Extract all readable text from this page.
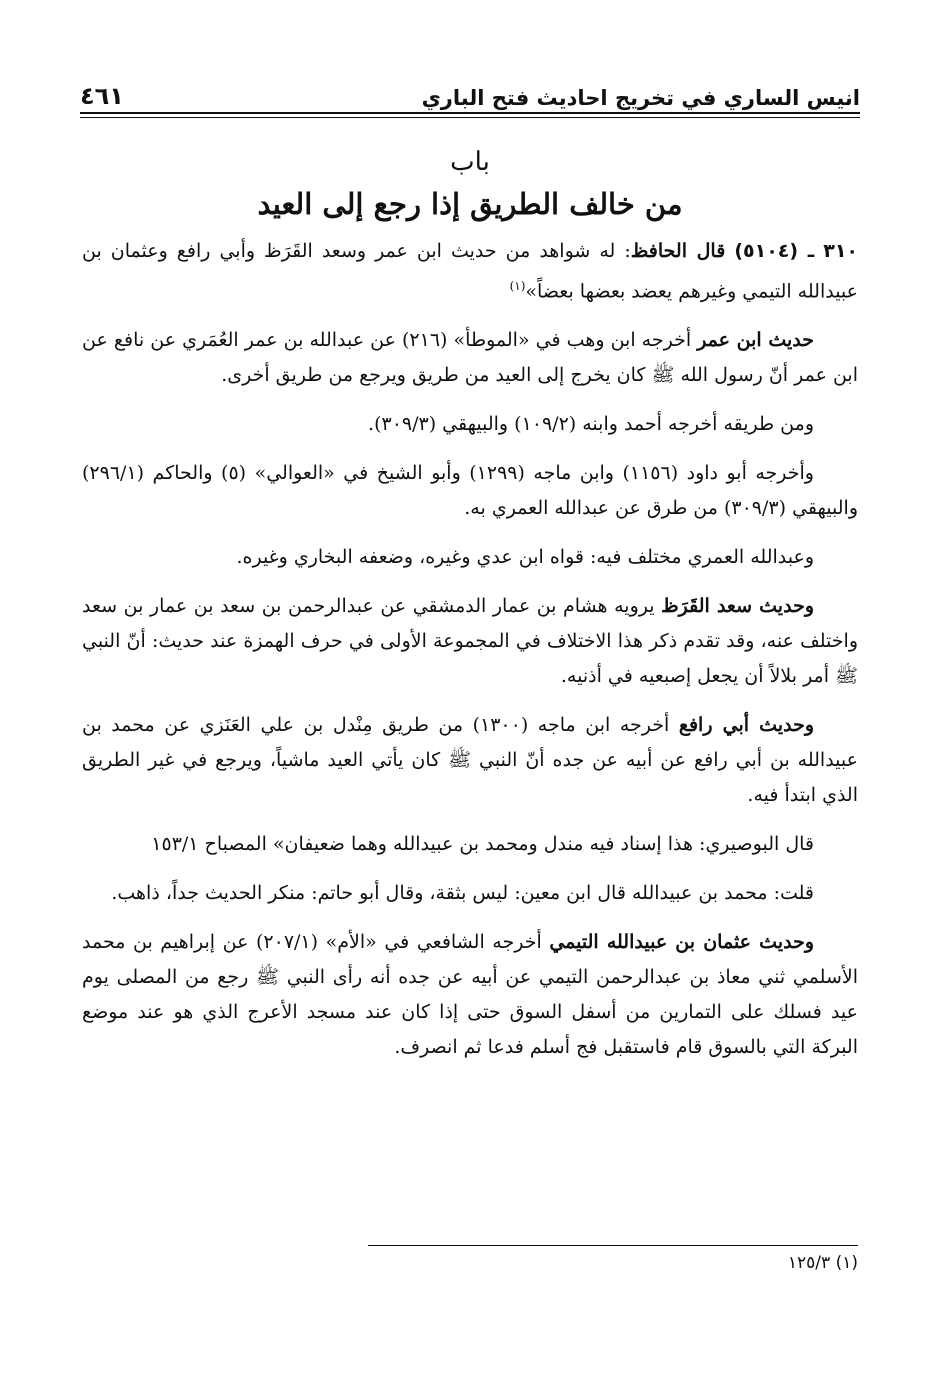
انيس الساري في تخريج احاديث فتح الباري
٤٦١
باب
من خالف الطريق إذا رجع إلى العيد

٣١٠ ـ (٥١٠٤) قال الحافظ: له شواهد من حديث ابن عمر وسعد القَرَظ وأبي رافع وعثمان بن عبيدالله التيمي وغيرهم يعضد بعضها بعضاً»$^{(١)}$

حديث ابن عمر أخرجه ابن وهب في «الموطأ» (٢١٦) عن عبدالله بن عمر العُمَري عن نافع عن ابن عمر أنّ رسول الله ﷺ كان يخرج إلى العيد من طريق ويرجع من طريق أخرى.

ومن طريقه أخرجه أحمد وابنه (١٠٩/٢) والبيهقي (٣٠٩/٣).

وأخرجه أبو داود (١١٥٦) وابن ماجه (١٢٩٩) وأبو الشيخ في «العوالي» (٥) والحاكم (٢٩٦/١) والبيهقي (٣٠٩/٣) من طرق عن عبدالله العمري به.

وعبدالله العمري مختلف فيه: قواه ابن عدي وغيره، وضعفه البخاري وغيره.

وحديث سعد القَرَظ يرويه هشام بن عمار الدمشقي عن عبدالرحمن بن سعد بن عمار بن سعد واختلف عنه، وقد تقدم ذكر هذا الاختلاف في المجموعة الأولى في حرف الهمزة عند حديث: أنّ النبي ﷺ أمر بلالاً أن يجعل إصبعيه في أذنيه.

وحديث أبي رافع أخرجه ابن ماجه (١٣٠٠) من طريق مِنْدل بن علي العَنَزي عن محمد بن عبيدالله بن أبي رافع عن أبيه عن جده أنّ النبي ﷺ كان يأتي العيد ماشياً، ويرجع في غير الطريق الذي ابتدأ فيه.

قال البوصيري: هذا إسناد فيه مندل ومحمد بن عبيدالله وهما ضعيفان» المصباح ١٥٣/١

قلت: محمد بن عبيدالله قال ابن معين: ليس بثقة، وقال أبو حاتم: منكر الحديث جداً، ذاهب.

وحديث عثمان بن عبيدالله التيمي أخرجه الشافعي في «الأم» (٢٠٧/١) عن إبراهيم بن محمد الأسلمي ثني معاذ بن عبدالرحمن التيمي عن أبيه عن جده أنه رأى النبي ﷺ رجع من المصلى يوم عيد فسلك على التمارين من أسفل السوق حتى إذا كان عند مسجد الأعرج الذي هو عند موضع البركة التي بالسوق قام فاستقبل فج أسلم فدعا ثم انصرف.

(١) ١٢٥/٣
